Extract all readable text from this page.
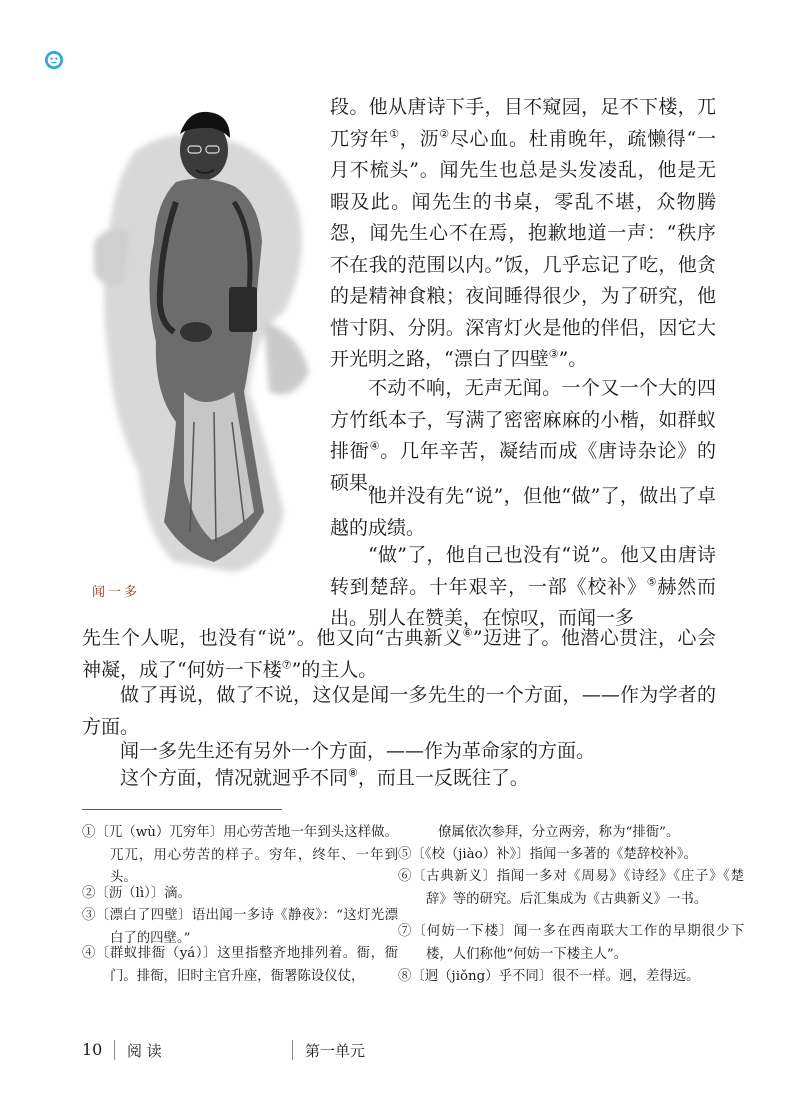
闻一多

段。他从唐诗下手，目不窥园，足不下楼，兀兀穷年①，沥②尽心血。杜甫晚年，疏懒得“一月不梳头”。闻先生也总是头发凌乱，他是无暇及此。闻先生的书桌，零乱不堪，众物腾怨，闻先生心不在焉，抱歉地道一声：“秩序不在我的范围以内。”饭，几乎忘记了吃，他贪的是精神食粮；夜间睡得很少，为了研究，他惜寸阴、分阴。深宵灯火是他的伴侣，因它大开光明之路，“漂白了四壁③”。

不动不响，无声无闻。一个又一个大的四方竹纸本子，写满了密密麻麻的小楷，如群蚁排衙④。几年辛苦，凝结而成《唐诗杂论》的硕果。

他并没有先“说”，但他“做”了，做出了卓越的成绩。

“做”了，他自己也没有“说”。他又由唐诗转到楚辞。十年艰辛，一部《校补》⑤赫然而出。别人在赞美，在惊叹，而闻一多

先生个人呢，也没有“说”。他又向“古典新义⑥”迈进了。他潜心贯注，心会神凝，成了“何妨一下楼⑦”的主人。

做了再说，做了不说，这仅是闻一多先生的一个方面，——作为学者的方面。

闻一多先生还有另外一个方面，——作为革命家的方面。

这个方面，情况就迥乎不同⑧，而且一反既往了。

①〔兀（wù）兀穷年〕用心劳苦地一年到头这样做。兀兀，用心劳苦的样子。穷年，终年、一年到头。

②〔沥（lì）〕滴。

③〔漂白了四壁〕语出闻一多诗《静夜》：“这灯光漂白了的四壁。”

④〔群蚁排衙（yá）〕这里指整齐地排列着。衙，衙门。排衙，旧时主官升座，衙署陈设仪仗，

僚属依次参拜，分立两旁，称为“排衙”。

⑤〔《校（jiào）补》〕指闻一多著的《楚辞校补》。

⑥〔古典新义〕指闻一多对《周易》《诗经》《庄子》《楚辞》等的研究。后汇集成为《古典新义》一书。

⑦〔何妨一下楼〕闻一多在西南联大工作的早期很少下楼，人们称他“何妨一下楼主人”。

⑧〔迥（jiǒng）乎不同〕很不一样。迥，差得远。

10 阅 读	第一单元
